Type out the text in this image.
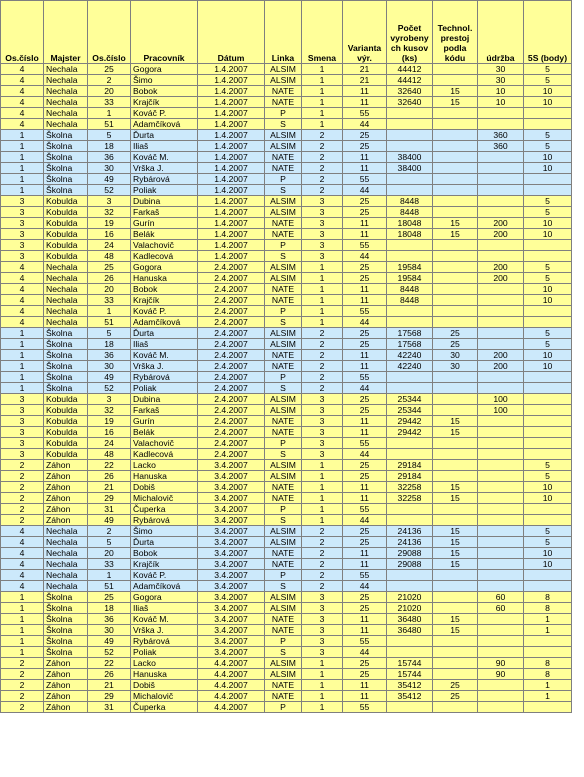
Os.číslo	Majster	Os.číslo	Pracovník	Dátum	Linka	Smena	Varianta výr.	Počet vyrobeny ch kusov (ks)	Technol. prestoj podla kódu	údržba	5S (body)
4	Nechala	25	Gogora	1.4.2007	ALSIM	1	21	44412		30	5
4	Nechala	2	Šimo	1.4.2007	ALSIM	1	21	44412		30	5
4	Nechala	20	Bobok	1.4.2007	NATE	1	11	32640	15	10	10
4	Nechala	33	Krajčík	1.4.2007	NATE	1	11	32640	15	10	10
4	Nechala	1	Kováč P.	1.4.2007	P	1	55				
4	Nechala	51	Adamčíková	1.4.2007	S	1	44				
1	Školna	5	Ďurta	1.4.2007	ALSIM	2	25			360	5
1	Školna	18	Iliaš	1.4.2007	ALSIM	2	25			360	5
1	Školna	36	Kováč M.	1.4.2007	NATE	2	11	38400			10
1	Školna	30	Vrška J.	1.4.2007	NATE	2	11	38400			10
1	Školna	49	Rybárová	1.4.2007	P	2	55				
1	Školna	52	Poliak	1.4.2007	S	2	44				
3	Kobulda	3	Dubina	1.4.2007	ALSIM	3	25	8448			5
3	Kobulda	32	Farkaš	1.4.2007	ALSIM	3	25	8448			5
3	Kobulda	19	Gurín	1.4.2007	NATE	3	11	18048	15	200	10
3	Kobulda	16	Belák	1.4.2007	NATE	3	11	18048	15	200	10
3	Kobulda	24	Valachovič	1.4.2007	P	3	55				
3	Kobulda	48	Kadlecová	1.4.2007	S	3	44				
4	Nechala	25	Gogora	2.4.2007	ALSIM	1	25	19584		200	5
4	Nechala	26	Hanuska	2.4.2007	ALSIM	1	25	19584		200	5
4	Nechala	20	Bobok	2.4.2007	NATE	1	11	8448			10
4	Nechala	33	Krajčík	2.4.2007	NATE	1	11	8448			10
4	Nechala	1	Kováč P.	2.4.2007	P	1	55				
4	Nechala	51	Adamčíková	2.4.2007	S	1	44				
1	Školna	5	Ďurta	2.4.2007	ALSIM	2	25	17568	25		5
1	Školna	18	Iliaš	2.4.2007	ALSIM	2	25	17568	25		5
1	Školna	36	Kováč M.	2.4.2007	NATE	2	11	42240	30	200	10
1	Školna	30	Vrška J.	2.4.2007	NATE	2	11	42240	30	200	10
1	Školna	49	Rybárová	2.4.2007	P	2	55				
1	Školna	52	Poliak	2.4.2007	S	2	44				
3	Kobulda	3	Dubina	2.4.2007	ALSIM	3	25	25344		100	
3	Kobulda	32	Farkaš	2.4.2007	ALSIM	3	25	25344		100	
3	Kobulda	19	Gurín	2.4.2007	NATE	3	11	29442	15		
3	Kobulda	16	Belák	2.4.2007	NATE	3	11	29442	15		
3	Kobulda	24	Valachovič	2.4.2007	P	3	55				
3	Kobulda	48	Kadlecová	2.4.2007	S	3	44				
2	Záhon	22	Lacko	3.4.2007	ALSIM	1	25	29184			5
2	Záhon	26	Hanuska	3.4.2007	ALSIM	1	25	29184			5
2	Záhon	21	Dobiš	3.4.2007	NATE	1	11	32258	15		10
2	Záhon	29	Michalovič	3.4.2007	NATE	1	11	32258	15		10
2	Záhon	31	Čuperka	3.4.2007	P	1	55				
2	Záhon	49	Rybárová	3.4.2007	S	1	44				
4	Nechala	2	Šimo	3.4.2007	ALSIM	2	25	24136	15		5
4	Nechala	5	Ďurta	3.4.2007	ALSIM	2	25	24136	15		5
4	Nechala	20	Bobok	3.4.2007	NATE	2	11	29088	15		10
4	Nechala	33	Krajčík	3.4.2007	NATE	2	11	29088	15		10
4	Nechala	1	Kováč P.	3.4.2007	P	2	55				
4	Nechala	51	Adamčíková	3.4.2007	S	2	44				
1	Školna	25	Gogora	3.4.2007	ALSIM	3	25	21020		60	8
1	Školna	18	Iliaš	3.4.2007	ALSIM	3	25	21020		60	8
1	Školna	36	Kováč M.	3.4.2007	NATE	3	11	36480	15		1
1	Školna	30	Vrška J.	3.4.2007	NATE	3	11	36480	15		1
1	Školna	49	Rybárová	3.4.2007	P	3	55				
1	Školna	52	Poliak	3.4.2007	S	3	44				
2	Záhon	22	Lacko	4.4.2007	ALSIM	1	25	15744		90	8
2	Záhon	26	Hanuska	4.4.2007	ALSIM	1	25	15744		90	8
2	Záhon	21	Dobiš	4.4.2007	NATE	1	11	35412	25		1
2	Záhon	29	Michalovič	4.4.2007	NATE	1	11	35412	25		1
2	Záhon	31	Čuperka	4.4.2007	P	1	55				
